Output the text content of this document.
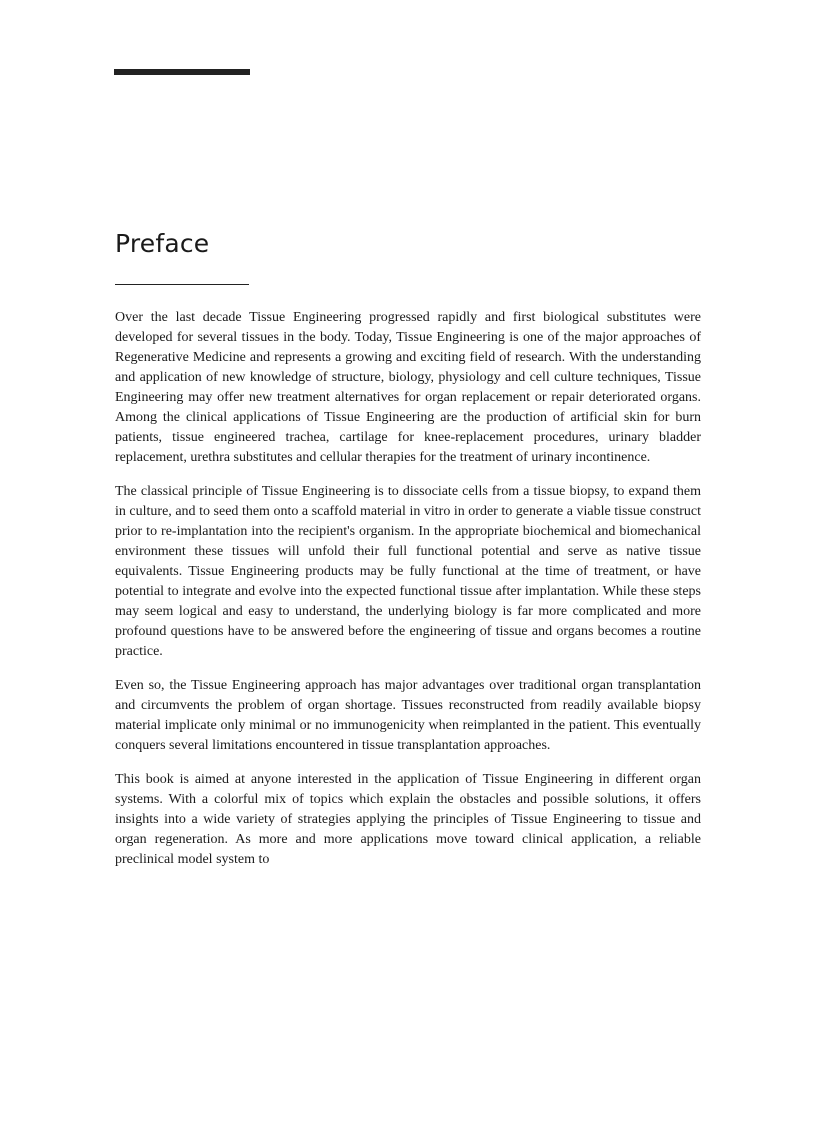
Preface

Over the last decade Tissue Engineering progressed rapidly and first biological substitutes were developed for several tissues in the body. Today, Tissue Engineering is one of the major approaches of Regenerative Medicine and represents a growing and exciting field of research. With the understanding and application of new knowledge of structure, biology, physiology and cell culture techniques, Tissue Engineering may offer new treatment alternatives for organ replacement or repair deteriorated organs. Among the clinical applications of Tissue Engineering are the production of artificial skin for burn patients, tissue engineered trachea, cartilage for knee-replacement procedures, urinary bladder replacement, urethra substitutes and cellular therapies for the treatment of urinary incontinence.

The classical principle of Tissue Engineering is to dissociate cells from a tissue biopsy, to expand them in culture, and to seed them onto a scaffold material in vitro in order to generate a viable tissue construct prior to re-implantation into the recipient's organism. In the appropriate biochemical and biomechanical environment these tissues will unfold their full functional potential and serve as native tissue equivalents. Tissue Engineering products may be fully functional at the time of treatment, or have potential to integrate and evolve into the expected functional tissue after implantation. While these steps may seem logical and easy to understand, the underlying biology is far more complicated and more profound questions have to be answered before the engineering of tissue and organs becomes a routine practice.

Even so, the Tissue Engineering approach has major advantages over traditional organ transplantation and circumvents the problem of organ shortage. Tissues reconstructed from readily available biopsy material implicate only minimal or no immunogenicity when reimplanted in the patient. This eventually conquers several limitations encountered in tissue transplantation approaches.

This book is aimed at anyone interested in the application of Tissue Engineering in different organ systems. With a colorful mix of topics which explain the obstacles and possible solutions, it offers insights into a wide variety of strategies applying the principles of Tissue Engineering to tissue and organ regeneration. As more and more applications move toward clinical application, a reliable preclinical model system to
